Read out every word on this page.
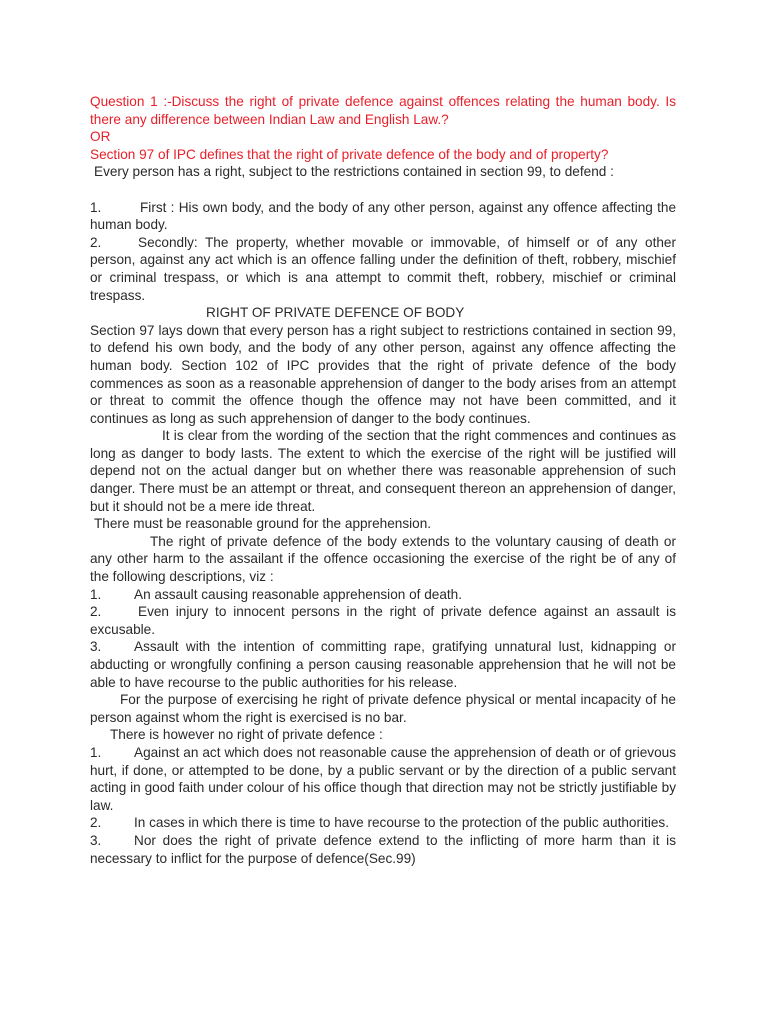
Question 1 :-Discuss the right of private defence against offences relating the human body. Is there any difference between Indian Law and English Law.?

OR

Section 97 of IPC defines that the right of private defence of the body and of property?

Every person has a right, subject to the restrictions contained in section 99, to defend :

1.	First : His own body, and the body of any other person, against any offence affecting the human body.

2.	Secondly: The property, whether movable or immovable, of himself or of any other person, against any act which is an offence falling under the definition of theft, robbery, mischief or criminal trespass, or which is ana attempt to commit theft, robbery, mischief or criminal trespass.

RIGHT OF PRIVATE DEFENCE OF BODY

Section 97 lays down that every person has a right subject to restrictions contained in section 99, to defend his own body, and the body of any other person, against any offence affecting the human body. Section 102 of IPC provides that the right of private defence of the body commences as soon as a reasonable apprehension of danger to the body arises from an attempt or threat to commit the offence though the offence may not have been committed, and it continues as long as such apprehension of danger to the body continues.

It is clear from the wording of the section that the right commences and continues as long as danger to body lasts. The extent to which the exercise of the right will be justified will depend not on the actual danger but on whether there was reasonable apprehension of such danger. There must be an attempt or threat, and consequent thereon an apprehension of danger, but it should not be a mere ide threat.

There must be reasonable ground for the apprehension.

The right of private defence of the body extends to the voluntary causing of death or any other harm to the assailant if the offence occasioning the exercise of the right be of any of the following descriptions, viz :

1. An assault causing reasonable apprehension of death.

2.	Even injury to innocent persons in the right of private defence against an assault is excusable.

3. Assault with the intention of committing rape, gratifying unnatural lust, kidnapping or abducting or wrongfully confining a person causing reasonable apprehension that he will not be able to have recourse to the public authorities for his release.

For the purpose of exercising he right of private defence physical or mental incapacity of he person against whom the right is exercised is no bar.

There is however no right of private defence :

1. Against an act which does not reasonable cause the apprehension of death or of grievous hurt, if done, or attempted to be done, by a public servant or by the direction of a public servant acting in good faith under colour of his office though that direction may not be strictly justifiable by law.

2. In cases in which there is time to have recourse to the protection of the public authorities.

3. Nor does the right of private defence extend to the inflicting of more harm than it is necessary to inflict for the purpose of defence(Sec.99)
